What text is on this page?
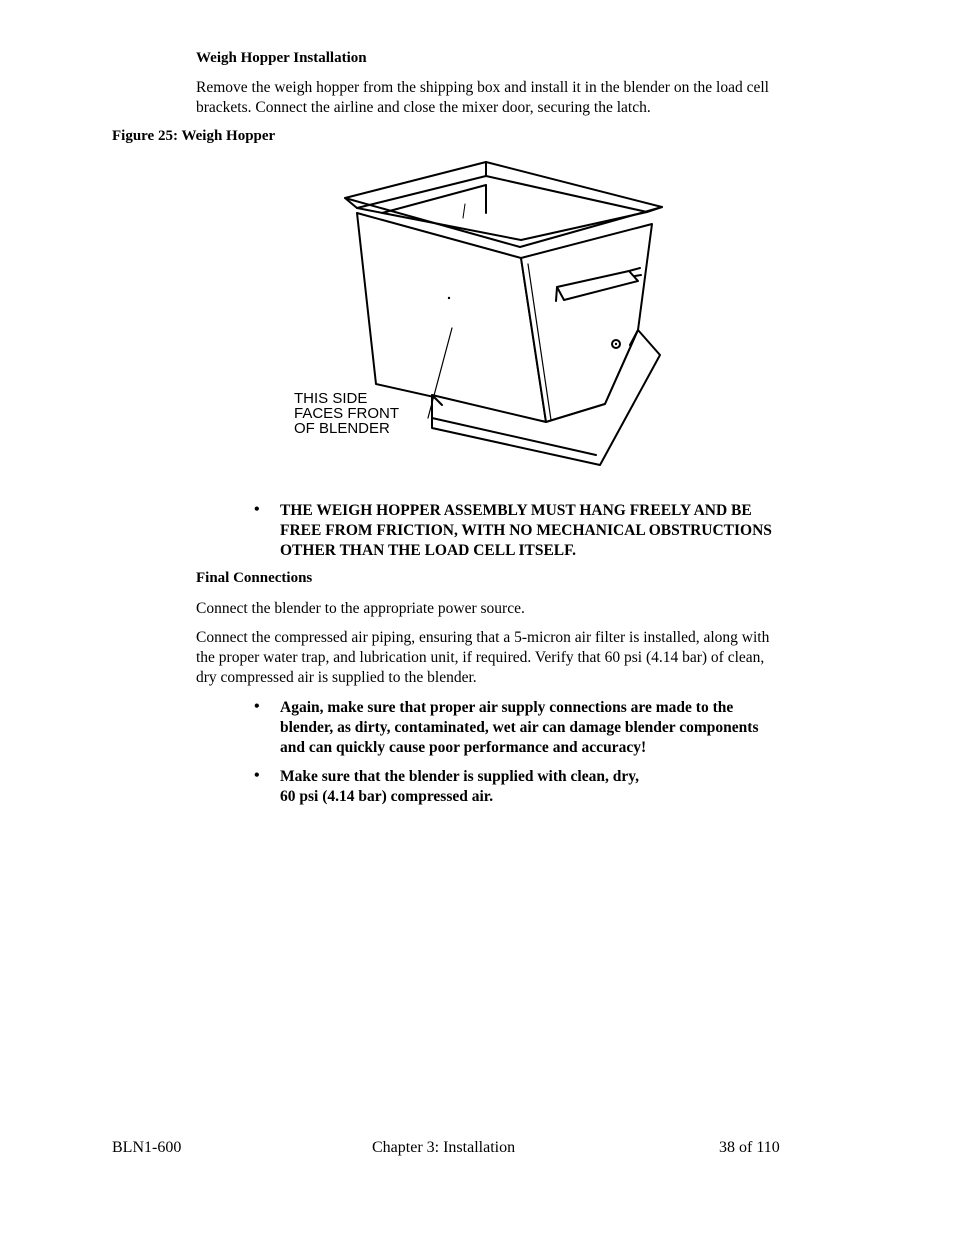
Weigh Hopper Installation
Remove the weigh hopper from the shipping box and install it in the blender on the load cell
brackets. Connect the airline and close the mixer door, securing the latch.
Figure 25: Weigh Hopper
THIS SIDE
FACES FRONT
OF BLENDER
• THE WEIGH HOPPER ASSEMBLY MUST HANG FREELY AND BE
FREE FROM FRICTION, WITH NO MECHANICAL OBSTRUCTIONS
OTHER THAN THE LOAD CELL ITSELF.
Final Connections
Connect the blender to the appropriate power source.
Connect the compressed air piping, ensuring that a 5-micron air filter is installed, along with
the proper water trap, and lubrication unit, if required. Verify that 60 psi (4.14 bar) of clean,
dry compressed air is supplied to the blender.
• Again, make sure that proper air supply connections are made to the
blender, as dirty, contaminated, wet air can damage blender components
and can quickly cause poor performance and accuracy!
• Make sure that the blender is supplied with clean, dry,
60 psi (4.14 bar) compressed air.
BLN1-600	Chapter 3: Installation	38 of 110
